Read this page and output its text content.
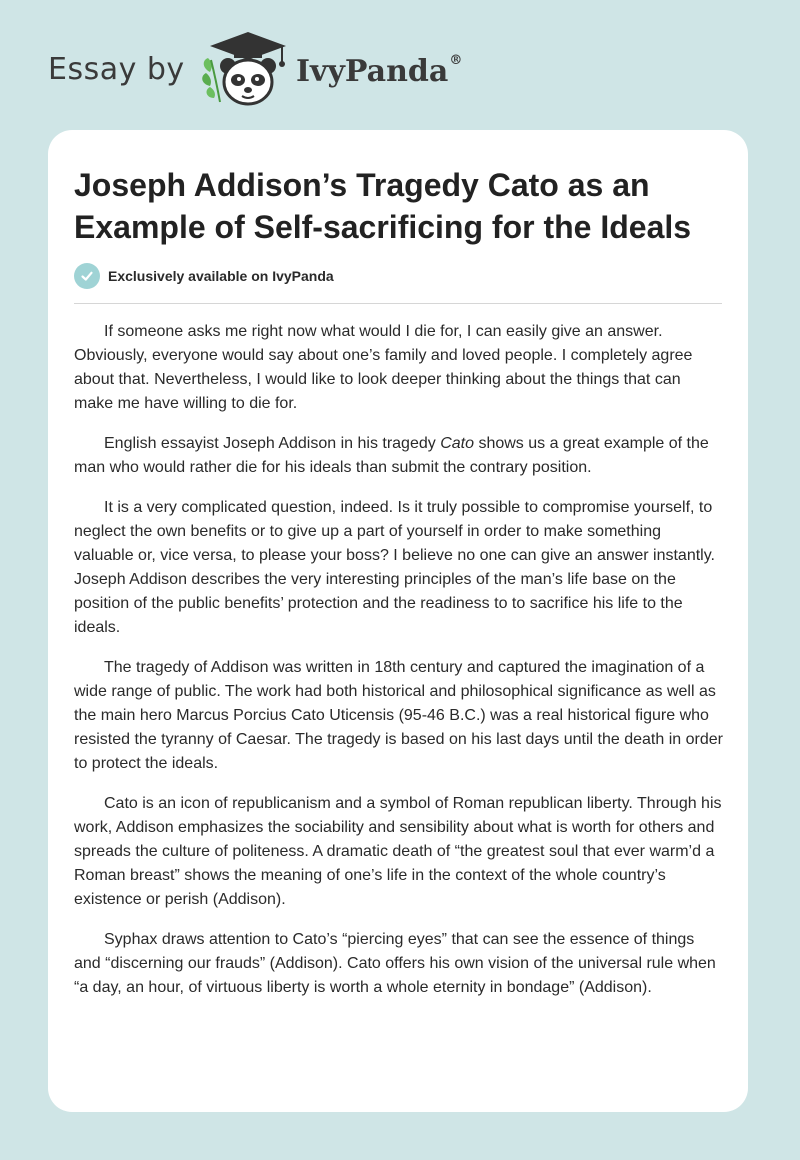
Essay by	IvyPanda®
Joseph Addison’s Tragedy Cato as an Example of Self-sacrificing for the Ideals
Exclusively available on IvyPanda

If someone asks me right now what would I die for, I can easily give an answer. Obviously, everyone would say about one’s family and loved people. I completely agree about that. Nevertheless, I would like to look deeper thinking about the things that can make me have willing to die for.

English essayist Joseph Addison in his tragedy Cato shows us a great example of the man who would rather die for his ideals than submit the contrary position.

It is a very complicated question, indeed. Is it truly possible to compromise yourself, to neglect the own benefits or to give up a part of yourself in order to make something valuable or, vice versa, to please your boss? I believe no one can give an answer instantly. Joseph Addison describes the very interesting principles of the man’s life base on the position of the public benefits’ protection and the readiness to to sacrifice his life to the ideals.

The tragedy of Addison was written in 18th century and captured the imagination of a wide range of public. The work had both historical and philosophical significance as well as the main hero Marcus Porcius Cato Uticensis (95-46 B.C.) was a real historical figure who resisted the tyranny of Caesar. The tragedy is based on his last days until the death in order to protect the ideals.

Cato is an icon of republicanism and a symbol of Roman republican liberty. Through his work, Addison emphasizes the sociability and sensibility about what is worth for others and spreads the culture of politeness. A dramatic death of “the greatest soul that ever warm’d a Roman breast” shows the meaning of one’s life in the context of the whole country’s existence or perish (Addison).

Syphax draws attention to Cato’s “piercing eyes” that can see the essence of things and “discerning our frauds” (Addison). Cato offers his own vision of the universal rule when “a day, an hour, of virtuous liberty is worth a whole eternity in bondage” (Addison).
